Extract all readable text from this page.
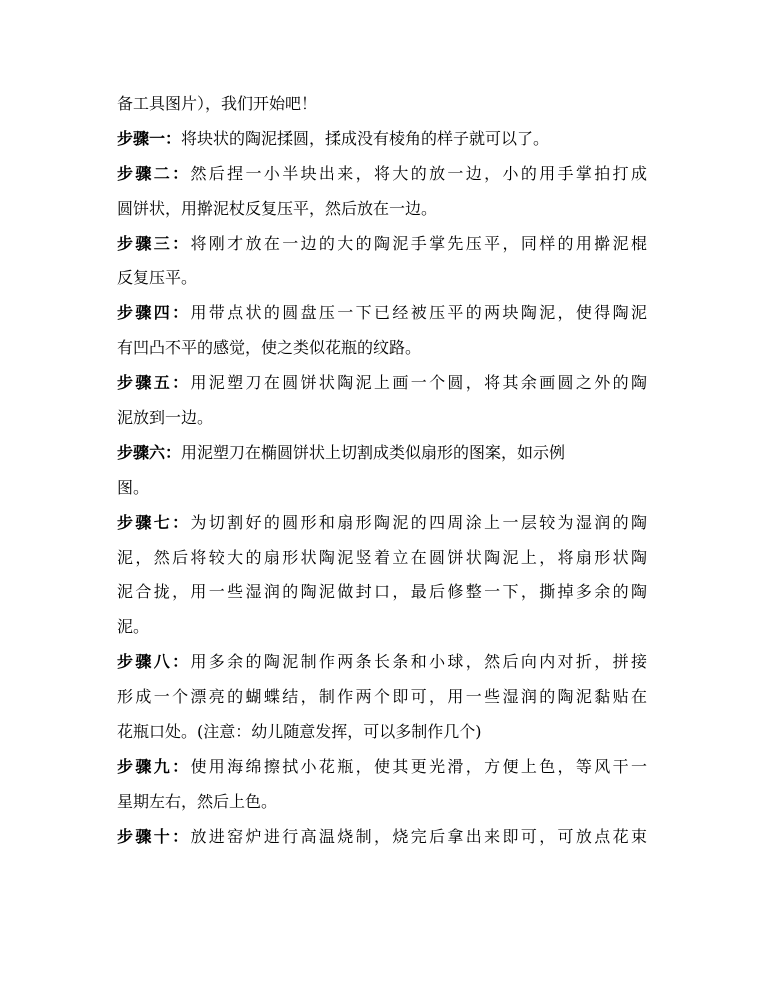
备工具图片），我们开始吧！
步骤一：将块状的陶泥揉圆，揉成没有棱角的样子就可以了。
步骤二：然后捏一小半块出来，将大的放一边，小的用手掌拍打成
圆饼状，用擀泥杖反复压平，然后放在一边。
步骤三：将刚才放在一边的大的陶泥手掌先压平，同样的用擀泥棍
反复压平。
步骤四：用带点状的圆盘压一下已经被压平的两块陶泥，使得陶泥
有凹凸不平的感觉，使之类似花瓶的纹路。
步骤五：用泥塑刀在圆饼状陶泥上画一个圆，将其余画圆之外的陶
泥放到一边。
步骤六：用泥塑刀在椭圆饼状上切割成类似扇形的图案，如示例
图。
步骤七：为切割好的圆形和扇形陶泥的四周涂上一层较为湿润的陶
泥，然后将较大的扇形状陶泥竖着立在圆饼状陶泥上，将扇形状陶
泥合拢，用一些湿润的陶泥做封口，最后修整一下，撕掉多余的陶
泥。
步骤八：用多余的陶泥制作两条长条和小球，然后向内对折，拼接
形成一个漂亮的蝴蝶结，制作两个即可，用一些湿润的陶泥黏贴在
花瓶口处。(注意：幼儿随意发挥，可以多制作几个)
步骤九：使用海绵擦拭小花瓶，使其更光滑，方便上色，等风干一
星期左右，然后上色。
步骤十：放进窑炉进行高温烧制，烧完后拿出来即可，可放点花束
